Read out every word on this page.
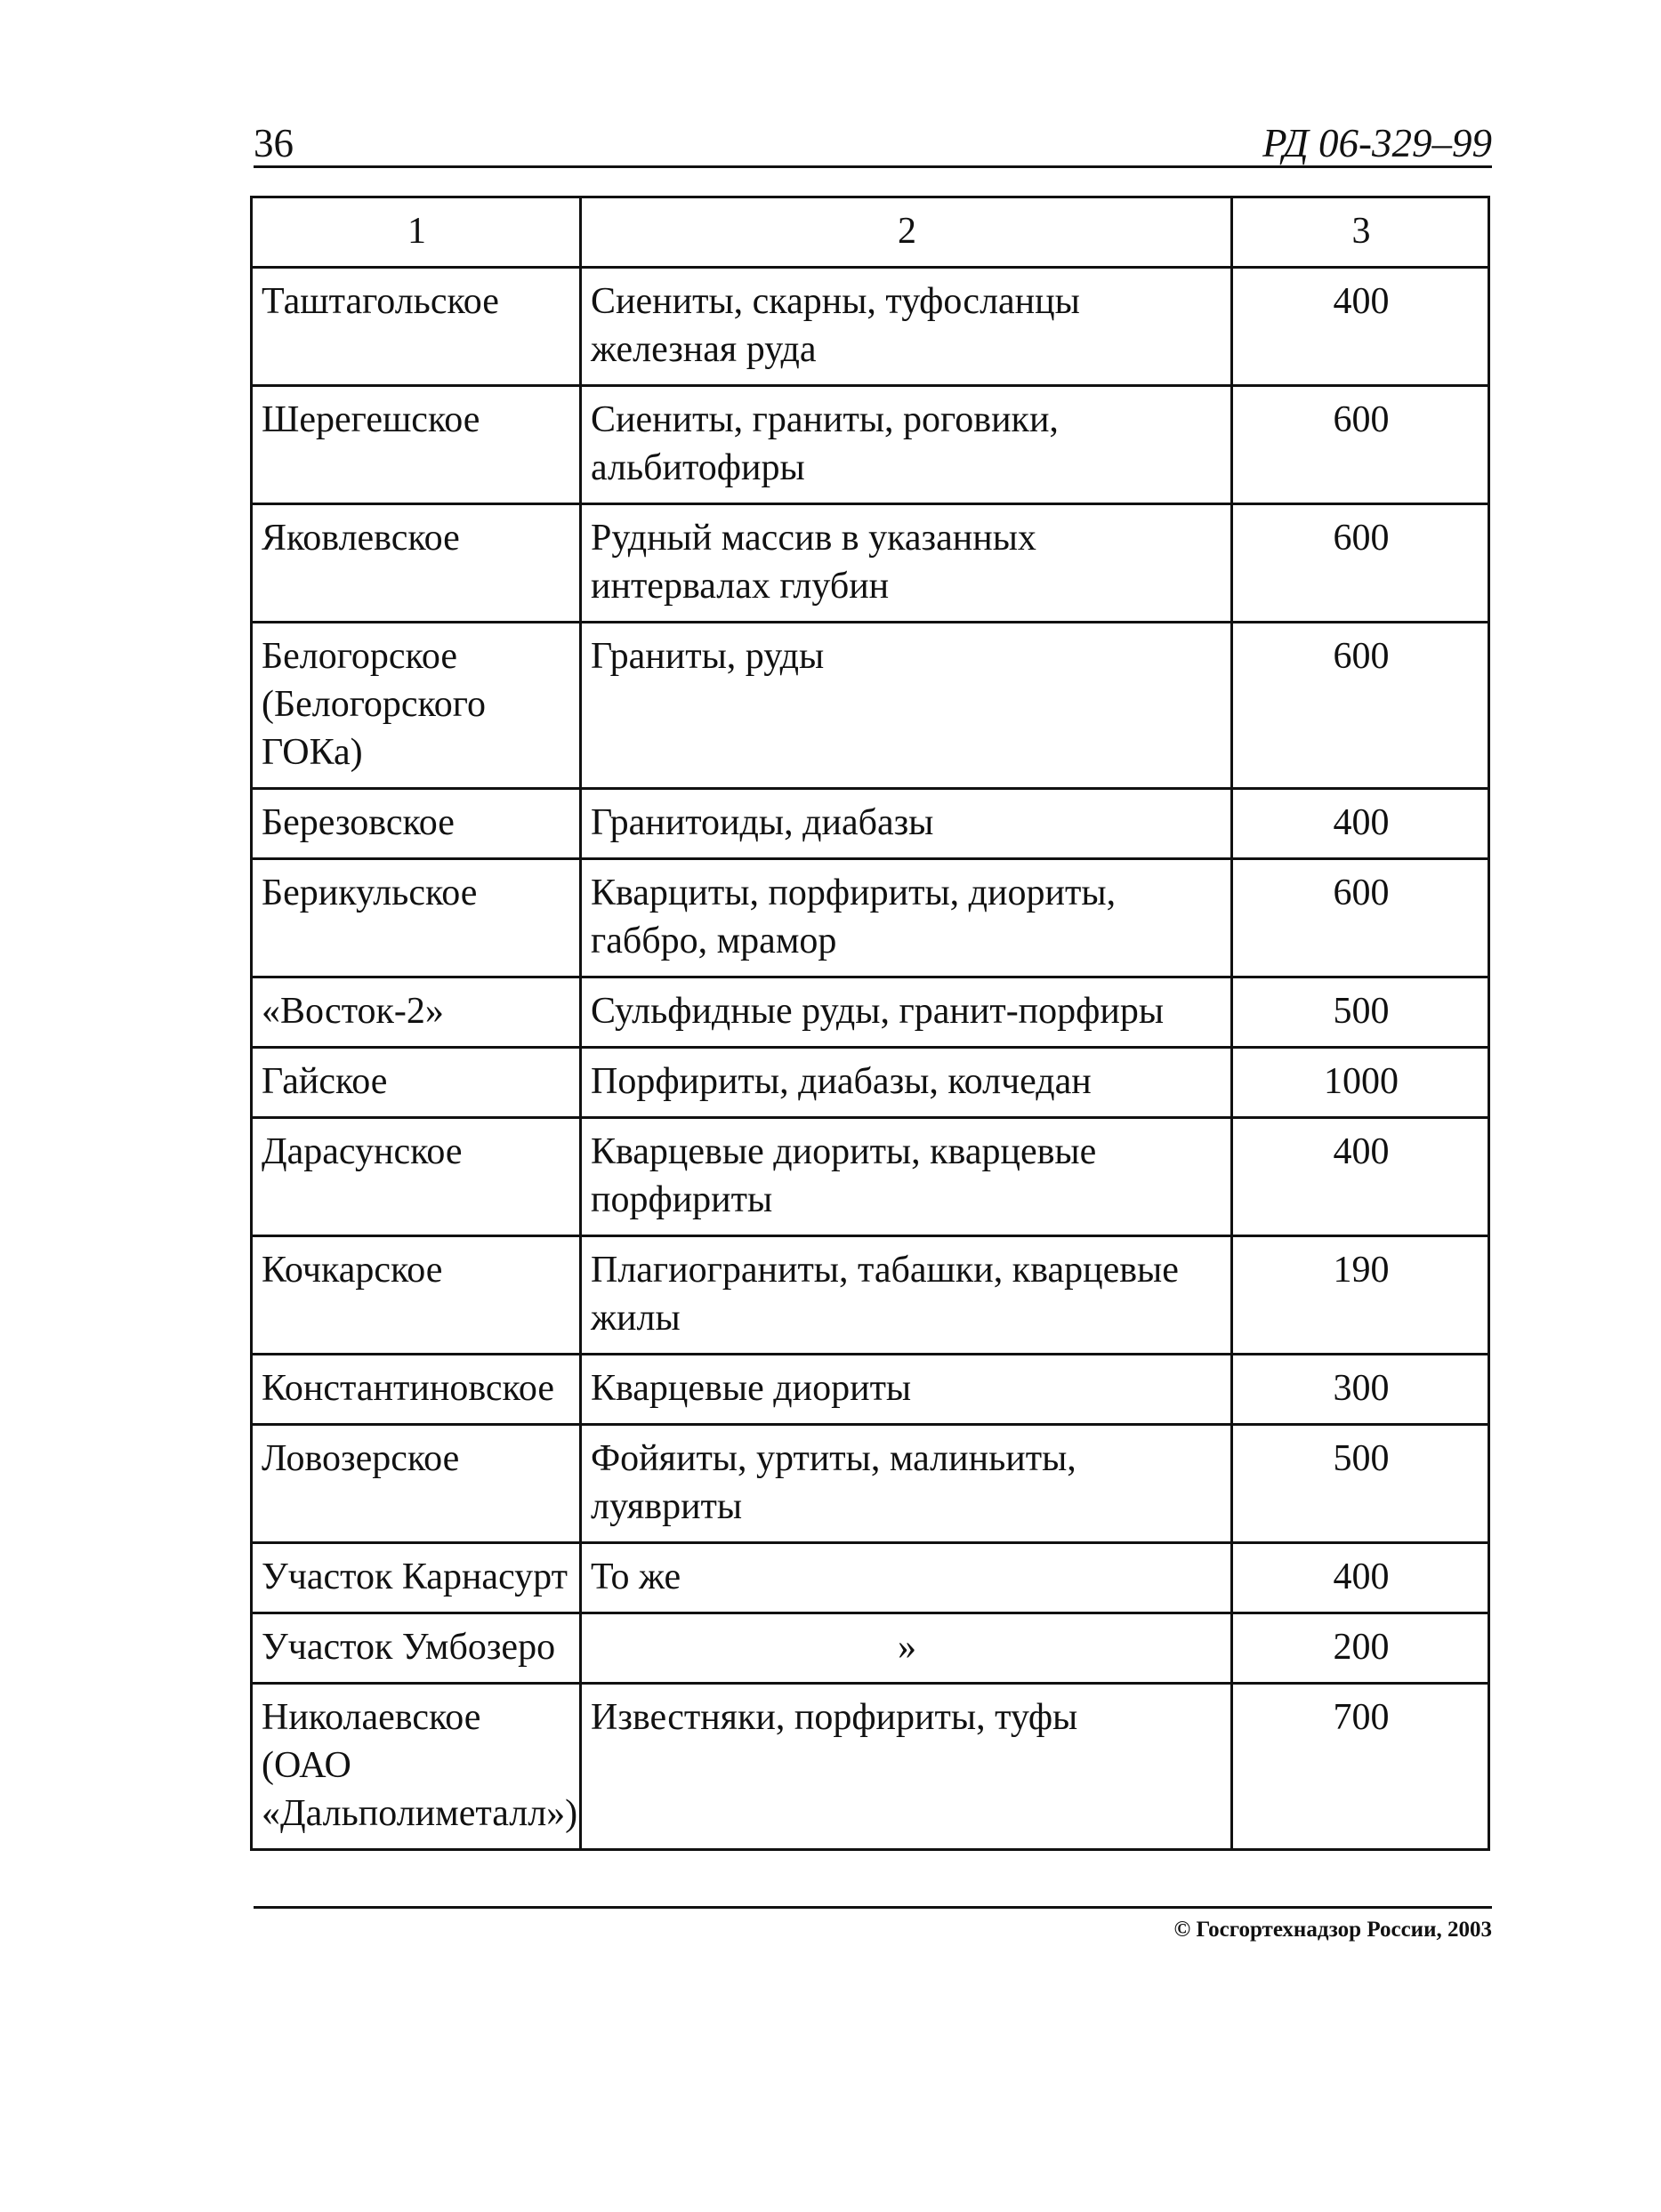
36	РД 06-329–99
1	2	3
Таштагольское	Сиениты, скарны, туфосланцы железная руда	400
Шерегешское	Сиениты, граниты, роговики, альбитофиры	600
Яковлевское	Рудный массив в указанных интервалах глубин	600
Белогорское (Белогорского ГОКа)	Граниты, руды	600
Березовское	Гранитоиды, диабазы	400
Берикульское	Кварциты, порфириты, диориты, габбро, мрамор	600
«Восток-2»	Сульфидные руды, гранит-порфиры	500
Гайское	Порфириты, диабазы, колчедан	1000
Дарасунское	Кварцевые диориты, кварцевые порфириты	400
Кочкарское	Плагиограниты, табашки, кварцевые жилы	190
Константиновское	Кварцевые диориты	300
Ловозерское	Фойяиты, уртиты, малиньиты, луявриты	500
Участок Карнасурт	То же	400
Участок Умбозеро	»	200
Николаевское (ОАО «Дальполиметалл»)	Известняки, порфириты, туфы	700
© Госгортехнадзор России, 2003
